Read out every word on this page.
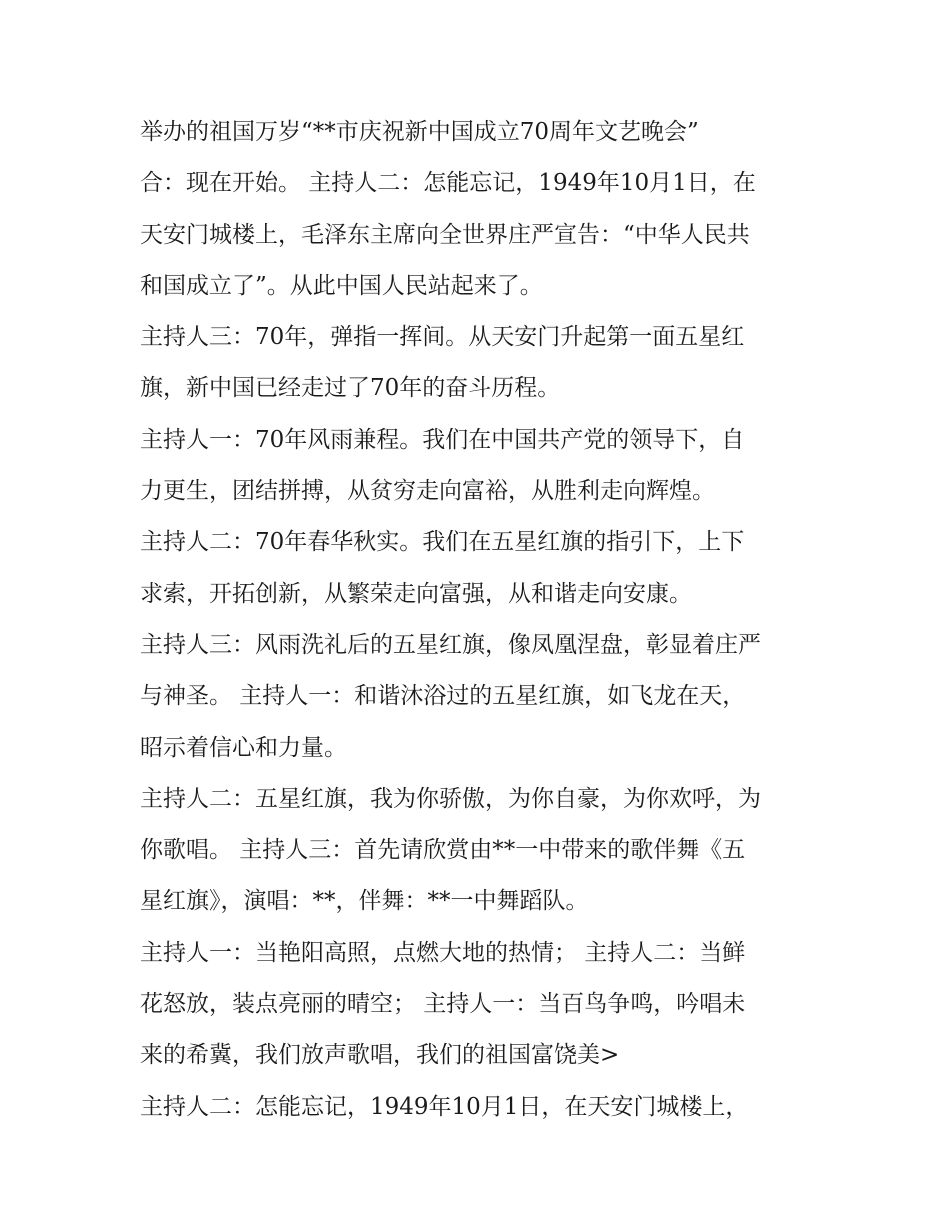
举办的祖国万岁“**市庆祝新中国成立70周年文艺晚会”
合：现在开始。 主持人二：怎能忘记，1949年10月1日，在
天安门城楼上，毛泽东主席向全世界庄严宣告：“中华人民共
和国成立了”。从此中国人民站起来了。
主持人三：70年，弹指一挥间。从天安门升起第一面五星红
旗，新中国已经走过了70年的奋斗历程。
主持人一：70年风雨兼程。我们在中国共产党的领导下，自
力更生，团结拼搏，从贫穷走向富裕，从胜利走向辉煌。
主持人二：70年春华秋实。我们在五星红旗的指引下，上下
求索，开拓创新，从繁荣走向富强，从和谐走向安康。
主持人三：风雨洗礼后的五星红旗，像凤凰涅盘，彰显着庄严
与神圣。 主持人一：和谐沐浴过的五星红旗，如飞龙在天，
昭示着信心和力量。
主持人二：五星红旗，我为你骄傲，为你自豪，为你欢呼，为
你歌唱。 主持人三：首先请欣赏由**一中带来的歌伴舞《五
星红旗》，演唱：**，伴舞：**一中舞蹈队。
主持人一：当艳阳高照，点燃大地的热情； 主持人二：当鲜
花怒放，装点亮丽的晴空； 主持人一：当百鸟争鸣，吟唱未
来的希冀，我们放声歌唱，我们的祖国富饶美>
主持人二：怎能忘记，1949年10月1日，在天安门城楼上，
